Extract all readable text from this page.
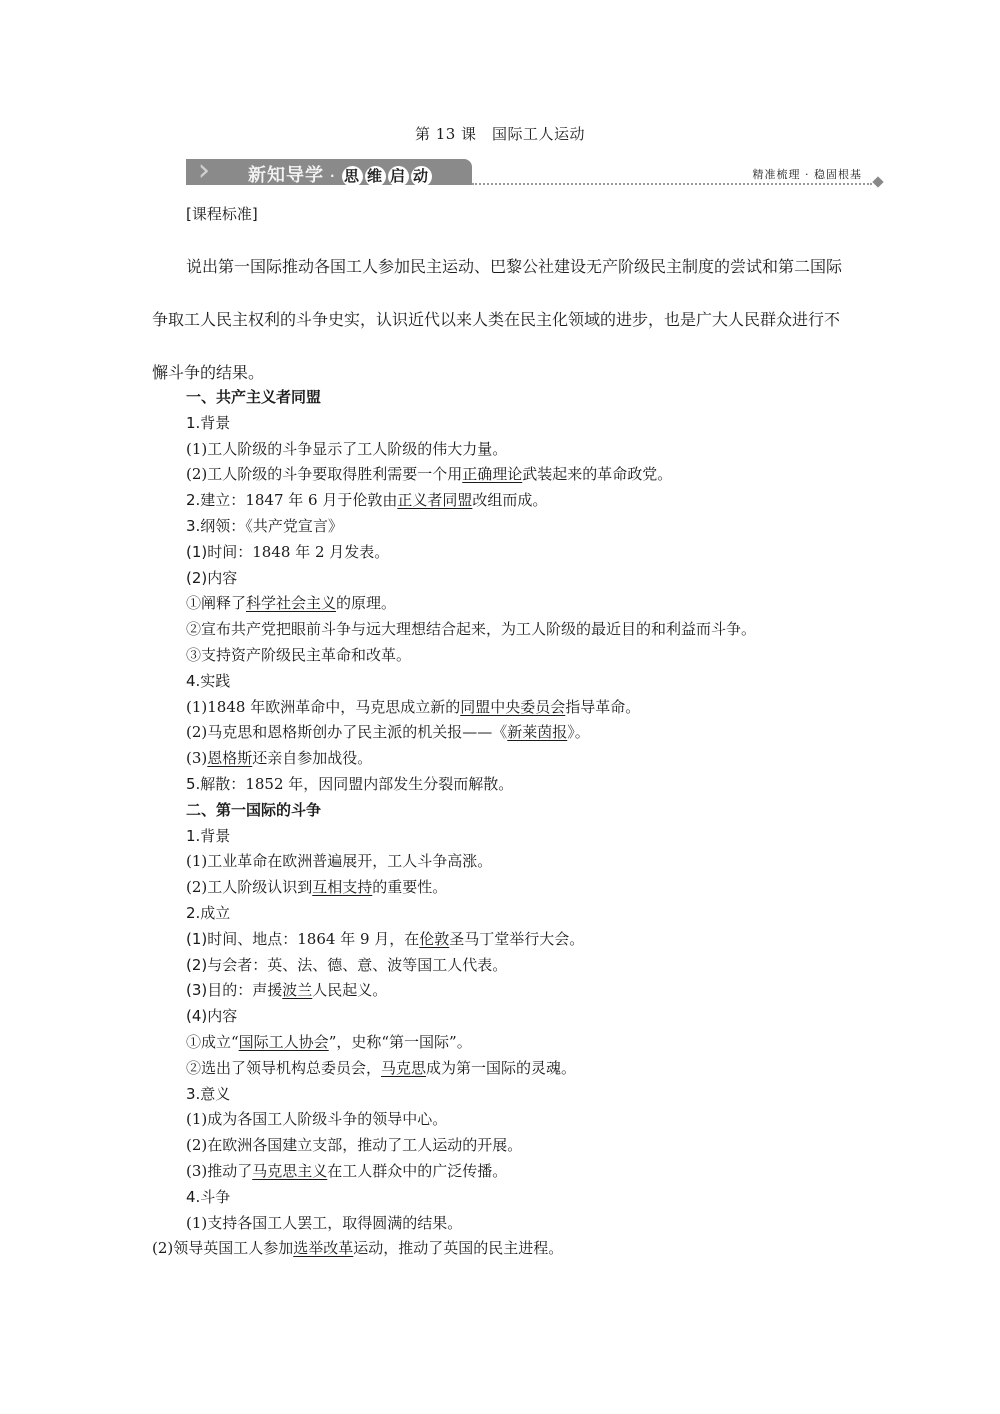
第 13 课　国际工人运动
新知导学 · 思 维 启 动	精准梳理 · 稳固根基
[课程标准]

说出第一国际推动各国工人参加民主运动、巴黎公社建设无产阶级民主制度的尝试和第二国际争取工人民主权利的斗争史实，认识近代以来人类在民主化领域的进步，也是广大人民群众进行不懈斗争的结果。

一、共产主义者同盟
1.背景
(1)工人阶级的斗争显示了工人阶级的伟大力量。
(2)工人阶级的斗争要取得胜利需要一个用正确理论武装起来的革命政党。
2.建立：1847 年 6 月于伦敦由正义者同盟改组而成。
3.纲领：《共产党宣言》
(1)时间：1848 年 2 月发表。
(2)内容
①阐释了科学社会主义的原理。
②宣布共产党把眼前斗争与远大理想结合起来，为工人阶级的最近目的和利益而斗争。
③支持资产阶级民主革命和改革。
4.实践
(1)1848 年欧洲革命中，马克思成立新的同盟中央委员会指导革命。
(2)马克思和恩格斯创办了民主派的机关报——《新莱茵报》。
(3)恩格斯还亲自参加战役。
5.解散：1852 年，因同盟内部发生分裂而解散。
二、第一国际的斗争
1.背景
(1)工业革命在欧洲普遍展开，工人斗争高涨。
(2)工人阶级认识到互相支持的重要性。
2.成立
(1)时间、地点：1864 年 9 月，在伦敦圣马丁堂举行大会。
(2)与会者：英、法、德、意、波等国工人代表。
(3)目的：声援波兰人民起义。
(4)内容
①成立“国际工人协会”，史称“第一国际”。
②选出了领导机构总委员会，马克思成为第一国际的灵魂。
3.意义
(1)成为各国工人阶级斗争的领导中心。
(2)在欧洲各国建立支部，推动了工人运动的开展。
(3)推动了马克思主义在工人群众中的广泛传播。
4.斗争
(1)支持各国工人罢工，取得圆满的结果。
(2)领导英国工人参加选举改革运动，推动了英国的民主进程。
